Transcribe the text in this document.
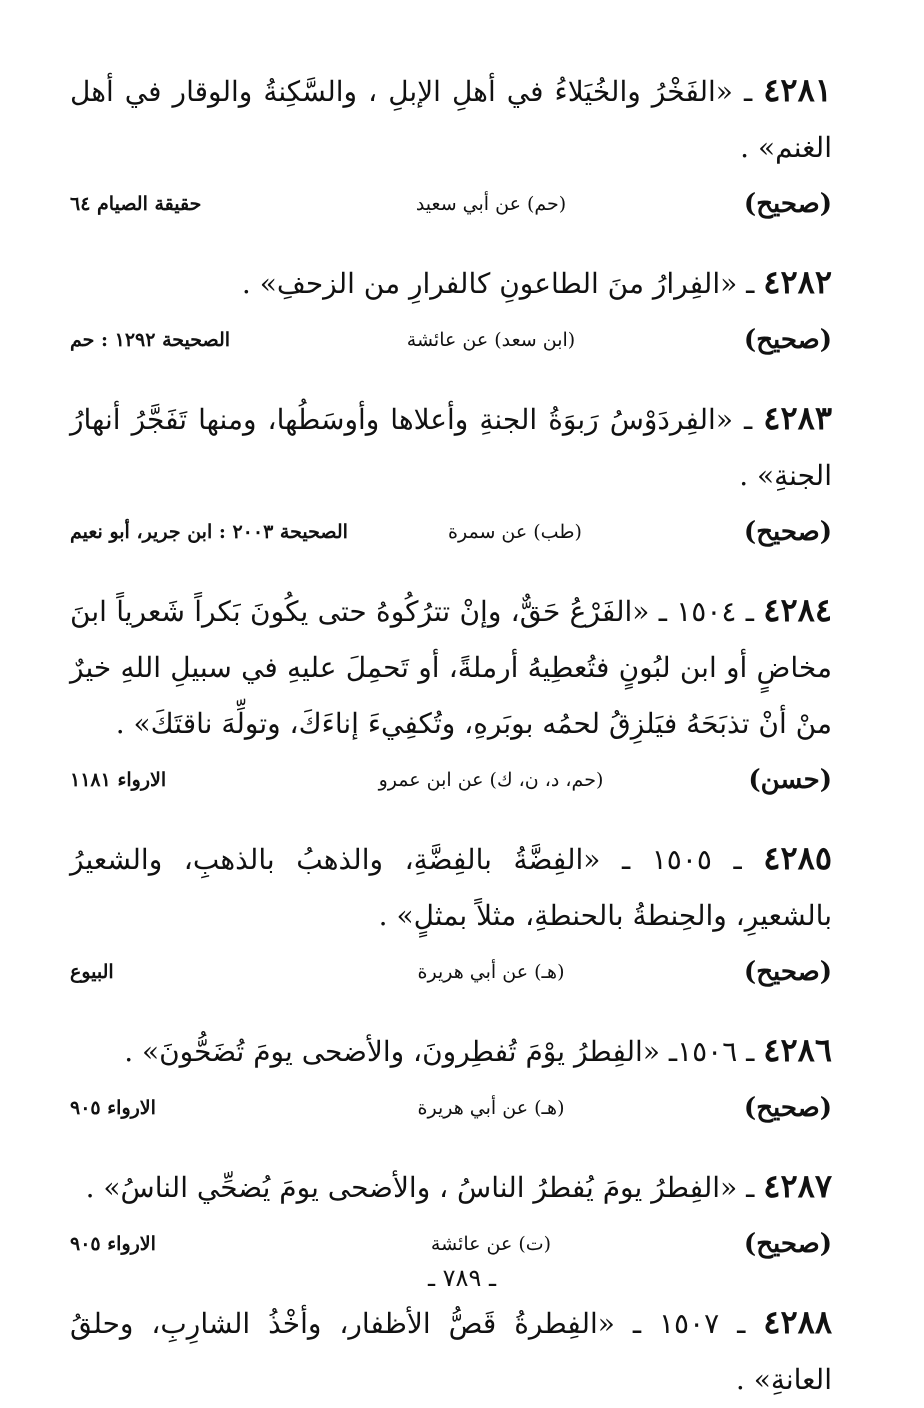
٤٢٨١ ـ «الفَخْرُ والخُيَلاءُ في أهلِ الإبلِ ، والسَّكِنةُ والوقار في أهل الغنم» .

(صحيح)
(حم) عن أبي سعيد
حقيقة الصيام ٦٤

٤٢٨٢ ـ «الفِرارُ منَ الطاعونِ كالفرارِ من الزحفِ» .

(صحيح)
(ابن سعد) عن عائشة
الصحيحة ١٢٩٢ : حم

٤٢٨٣ ـ «الفِردَوْسُ رَبوَةُ الجنةِ وأعلاها وأوسَطُها، ومنها تَفَجَّرُ أنهارُ الجنةِ» .

(صحيح)
(طب) عن سمرة
الصحيحة ٢٠٠٣ : ابن جرير، أبو نعيم

٤٢٨٤ ـ ١٥٠٤ ـ «الفَرْعُ حَقٌّ، وإنْ تترُكُوهُ حتى يكُونَ بَكراً شَعرياً ابنَ مخاضٍ أو ابن لبُونٍ فتُعطِيهُ أرملةً، أو تَحمِلَ عليهِ في سبيلِ اللهِ خيرٌ منْ أنْ تذبَحَهُ فيَلزِقُ لحمُه بوبَرهِ، وتُكفِيءَ إناءَكَ، وتولِّهَ ناقتَكَ» .

(حسن)
(حم، د، ن، ك) عن ابن عمرو
الارواء ١١٨١

٤٢٨٥ ـ ١٥٠٥ ـ «الفِضَّةُ بالفِضَّةِ، والذهبُ بالذهبِ، والشعيرُ بالشعيرِ، والحِنطةُ بالحنطةِ، مثلاً بمثلٍ» .

(صحيح)
(هـ) عن أبي هريرة
البيوع

٤٢٨٦ ـ ١٥٠٦ـ «الفِطرُ يوْمَ تُفطِرونَ، والأضحى يومَ تُضَحُّونَ» .

(صحيح)
(هـ) عن أبي هريرة
الارواء ٩٠٥

٤٢٨٧ ـ «الفِطرُ يومَ يُفطرُ الناسُ ، والأضحى يومَ يُضحِّي الناسُ» .

(صحيح)
(ت) عن عائشة
الارواء ٩٠٥

٤٢٨٨ ـ ١٥٠٧ ـ «الفِطرةُ قَصُّ الأظفار، وأخْذُ الشارِبِ، وحلقُ العانةِ» .

ـ ٧٨٩ ـ
